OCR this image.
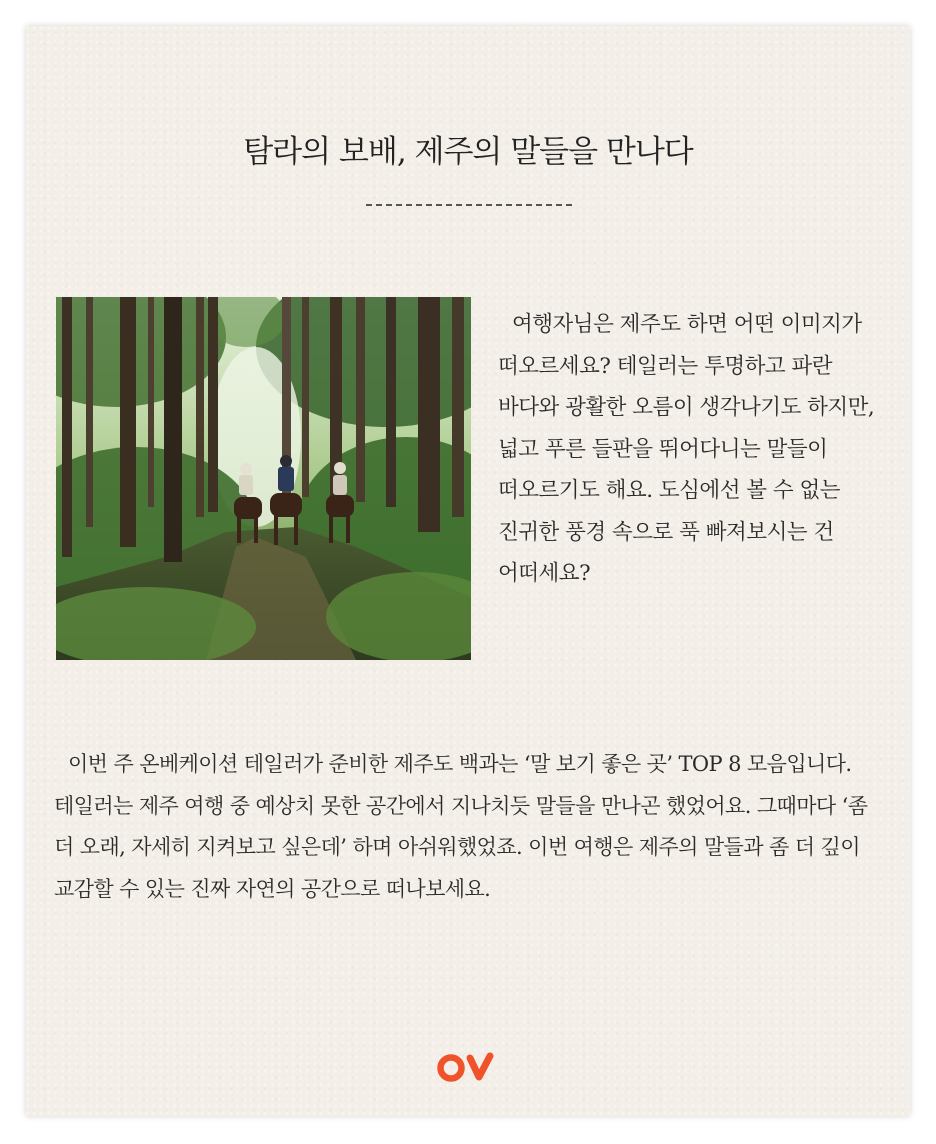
탐라의 보배, 제주의 말들을 만나다
여행자님은 제주도 하면 어떤 이미지가 떠오르세요? 테일러는 투명하고 파란 바다와 광활한 오름이 생각나기도 하지만, 넓고 푸른 들판을 뛰어다니는 말들이 떠오르기도 해요. 도심에선 볼 수 없는 진귀한 풍경 속으로 푹 빠져보시는 건 어떠세요?
이번 주 온베케이션 테일러가 준비한 제주도 백과는 ‘말 보기 좋은 곳’ TOP 8 모음입니다. 테일러는 제주 여행 중 예상치 못한 공간에서 지나치듯 말들을 만나곤 했었어요. 그때마다 ‘좀 더 오래, 자세히 지켜보고 싶은데’ 하며 아쉬워했었죠. 이번 여행은 제주의 말들과 좀 더 깊이 교감할 수 있는 진짜 자연의 공간으로 떠나보세요.
